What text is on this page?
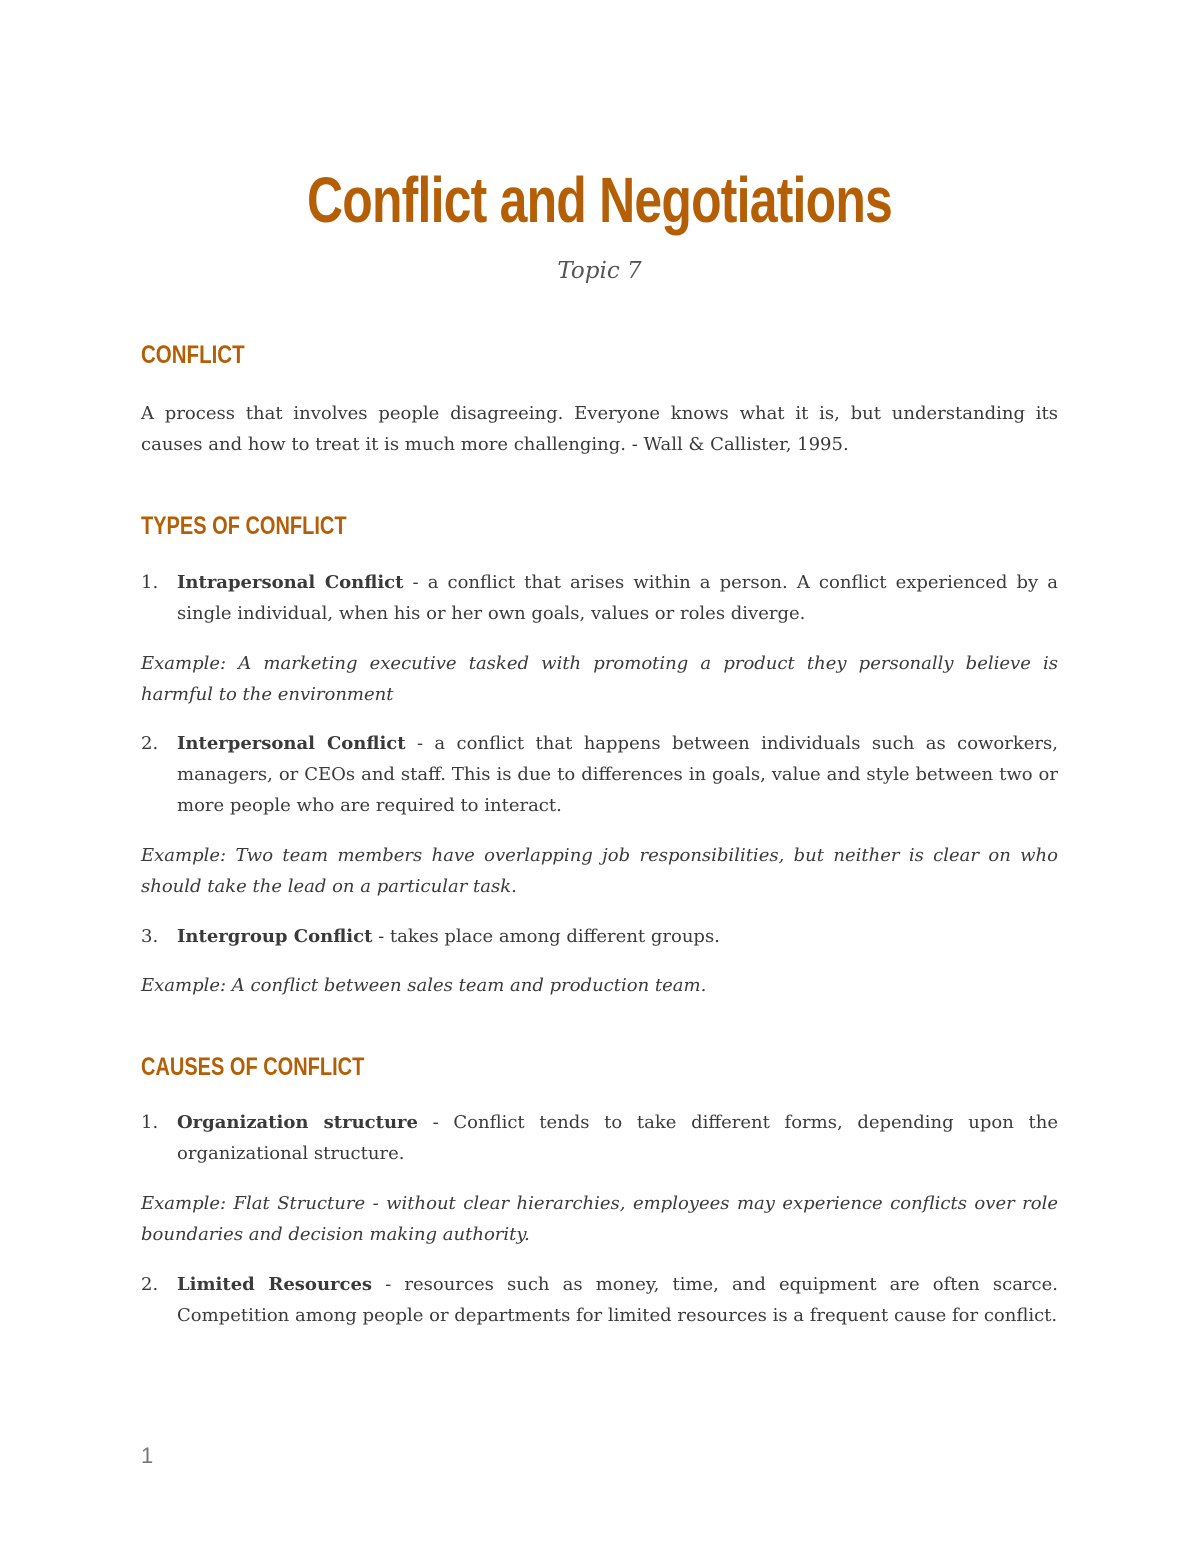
Conflict and Negotiations

Topic 7

CONFLICT

A process that involves people disagreeing. Everyone knows what it is, but understanding its causes and how to treat it is much more challenging. - Wall & Callister, 1995.

TYPES OF CONFLICT

1.	Intrapersonal Conflict - a conflict that arises within a person. A conflict experienced by a single individual, when his or her own goals, values or roles diverge.

Example: A marketing executive tasked with promoting a product they personally believe is harmful to the environment

2.	Interpersonal Conflict - a conflict that happens between individuals such as coworkers, managers, or CEOs and staff. This is due to differences in goals, value and style between two or more people who are required to interact.

Example: Two team members have overlapping job responsibilities, but neither is clear on who should take the lead on a particular task.

3.	Intergroup Conflict - takes place among different groups.

Example: A conflict between sales team and production team.

CAUSES OF CONFLICT

1.	Organization structure - Conflict tends to take different forms, depending upon the organizational structure.

Example: Flat Structure - without clear hierarchies, employees may experience conflicts over role boundaries and decision making authority.

2.	Limited Resources - resources such as money, time, and equipment are often scarce. Competition among people or departments for limited resources is a frequent cause for conflict.

1
